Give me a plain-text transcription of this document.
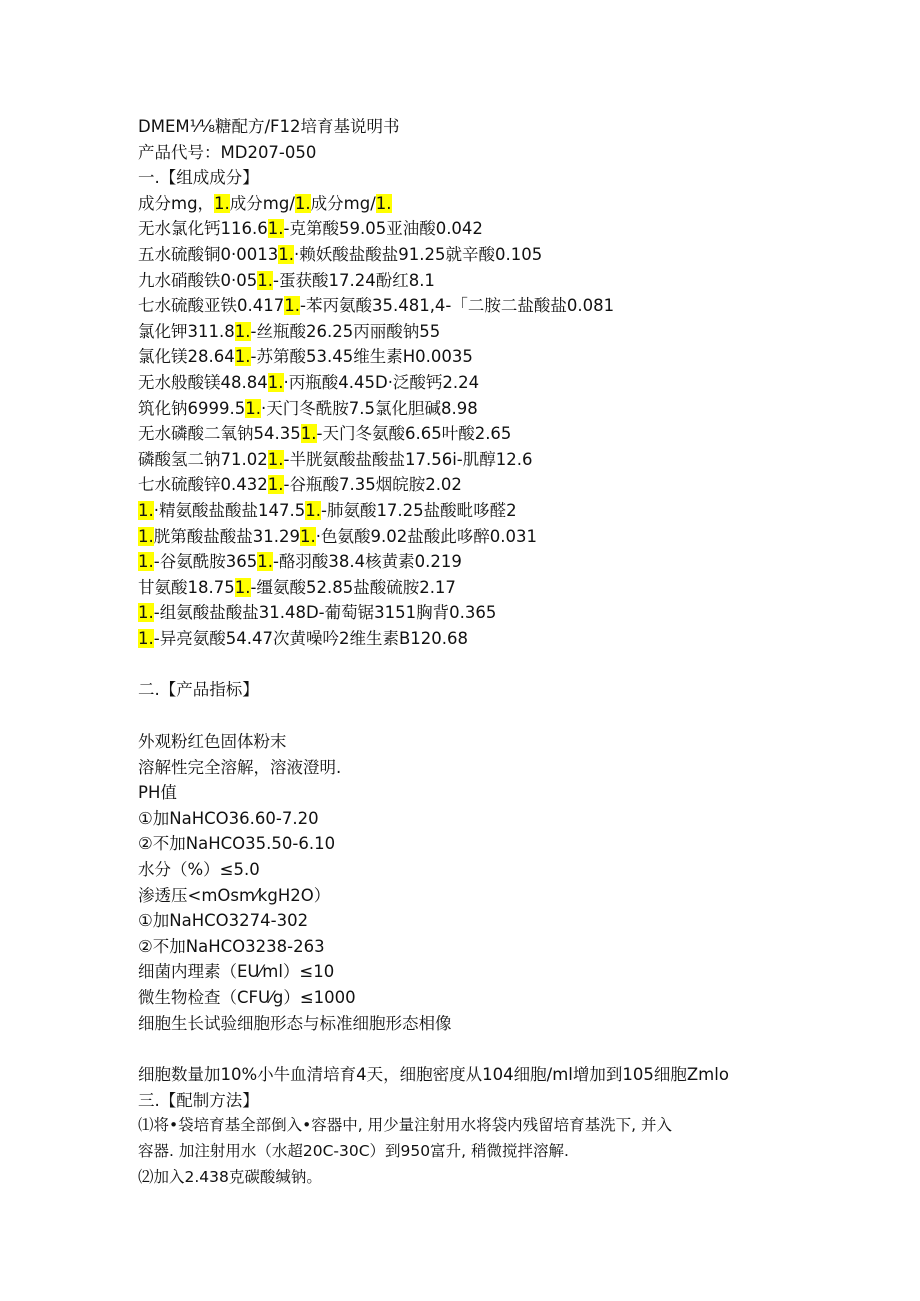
DMEM⅟⅛糖配方/F12培育基说明书
产品代号：MD207-050
一.【组成成分】
成分mg，1.成分mg/1.成分mg/1.
无水氯化钙116.61.-克第酸59.05亚油酸0.042
五水硫酸铜0·00131.·赖妖酸盐酸盐91.25就辛酸0.105
九水硝酸铁0·051.-蛋获酸17.24酚红8.1
七水硫酸亚铁0.4171.-苯丙氨酸35.481,4-「二胺二盐酸盐0.081
氯化钾311.81.-丝瓶酸26.25丙丽酸钠55
氯化镁28.641.-苏第酸53.45维生素H0.0035
无水般酸镁48.841.·丙瓶酸4.45D·泛酸钙2.24
筑化钠6999.51.·天门冬酰胺7.5氯化胆碱8.98
无水磷酸二氧钠54.351.-天门冬氨酸6.65叶酸2.65
磷酸氢二钠71.021.-半胱氨酸盐酸盐17.56i-肌醇12.6
七水硫酸锌0.4321.-谷瓶酸7.35烟皖胺2.02
1.·精氨酸盐酸盐147.51.-肺氨酸17.25盐酸毗哆醛2
1.胱第酸盐酸盐31.291.·色氨酸9.02盐酸此哆醉0.031
1.-谷氨酰胺3651.-酪羽酸38.4核黄素0.219
甘氨酸18.751.-缰氨酸52.85盐酸硫胺2.17
1.-组氨酸盐酸盐31.48D-葡萄锯3151胸背0.365
1.-异亮氨酸54.47次黄噪吟2维生素B120.68
二.【产品指标】
外观粉红色固体粉末
溶解性完全溶解，溶液澄明.
PH值
①加NaHCO36.60-7.20
②不加NaHCO35.50-6.10
水分（%）≤5.0
渗透压<mOsm⁄kgH2O）
①加NaHCO3274-302
②不加NaHCO3238-263
细菌内理素（EU⁄ml）≤10
微生物检查（CFU⁄g）≤1000
细胞生长试验细胞形态与标准细胞形态相像
细胞数量加10%小牛血清培育4天，细胞密度从104细胞/ml增加到105细胞Zmlo
三.【配制方法】
⑴将•袋培育基全部倒入•容器中, 用少量注射用水将袋内残留培育基洗下, 并入
容器. 加注射用水（水超20C-30C）到950富升, 稍微搅拌溶解.
⑵加入2.438克碳酸缄钠。
